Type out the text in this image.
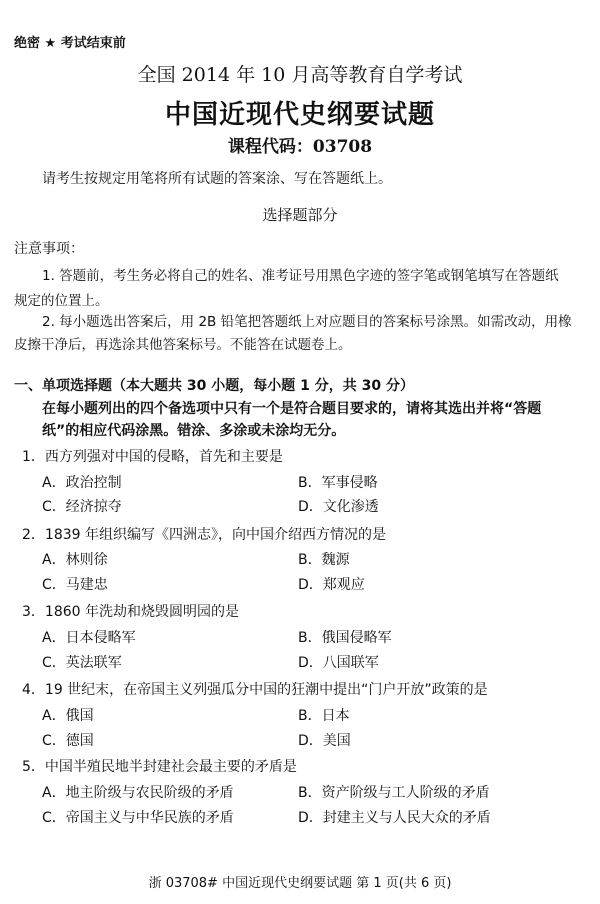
绝密 ★ 考试结束前
全国 2014 年 10 月高等教育自学考试
中国近现代史纲要试题
课程代码：03708
请考生按规定用笔将所有试题的答案涂、写在答题纸上。
选择题部分
注意事项：
1. 答题前，考生务必将自己的姓名、准考证号用黑色字迹的签字笔或钢笔填写在答题纸
规定的位置上。
2. 每小题选出答案后，用 2B 铅笔把答题纸上对应题目的答案标号涂黑。如需改动，用橡
皮擦干净后，再选涂其他答案标号。不能答在试题卷上。
一、单项选择题（本大题共 30 小题，每小题 1 分，共 30 分）
在每小题列出的四个备选项中只有一个是符合题目要求的，请将其选出并将“答题
纸”的相应代码涂黑。错涂、多涂或未涂均无分。
1．西方列强对中国的侵略，首先和主要是
A．政治控制	B．军事侵略
C．经济掠夺	D．文化渗透
2．1839 年组织编写《四洲志》，向中国介绍西方情况的是
A．林则徐	B．魏源
C．马建忠	D．郑观应
3．1860 年洗劫和烧毁圆明园的是
A．日本侵略军	B．俄国侵略军
C．英法联军	D．八国联军
4．19 世纪末，在帝国主义列强瓜分中国的狂潮中提出“门户开放”政策的是
A．俄国	B．日本
C．德国	D．美国
5．中国半殖民地半封建社会最主要的矛盾是
A．地主阶级与农民阶级的矛盾	B．资产阶级与工人阶级的矛盾
C．帝国主义与中华民族的矛盾	D．封建主义与人民大众的矛盾
浙 03708# 中国近现代史纲要试题 第 1 页(共 6 页)
